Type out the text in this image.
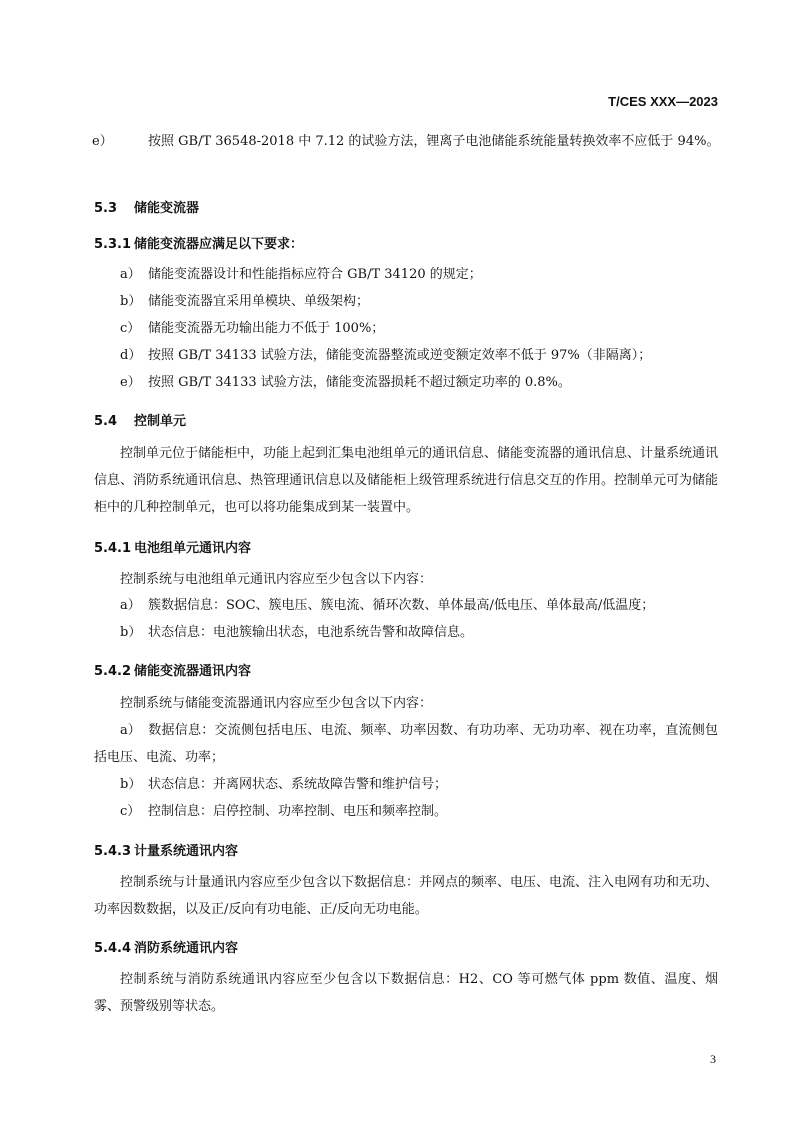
T/CES XXX—2023

e）	按照 GB/T 36548-2018 中 7.12 的试验方法，锂离子电池储能系统能量转换效率不应低于 94%。

5.3 储能变流器
5.3.1 储能变流器应满足以下要求：

a） 储能变流器设计和性能指标应符合 GB/T 34120 的规定；

b） 储能变流器宜采用单模块、单级架构；

c） 储能变流器无功输出能力不低于 100%；

d） 按照 GB/T 34133 试验方法，储能变流器整流或逆变额定效率不低于 97%（非隔离）；

e） 按照 GB/T 34133 试验方法，储能变流器损耗不超过额定功率的 0.8%。

5.4 控制单元

控制单元位于储能柜中，功能上起到汇集电池组单元的通讯信息、储能变流器的通讯信息、计量系统通讯信息、消防系统通讯信息、热管理通讯信息以及储能柜上级管理系统进行信息交互的作用。控制单元可为储能柜中的几种控制单元，也可以将功能集成到某一装置中。

5.4.1 电池组单元通讯内容

控制系统与电池组单元通讯内容应至少包含以下内容：

a） 簇数据信息：SOC、簇电压、簇电流、循环次数、单体最高/低电压、单体最高/低温度；

b） 状态信息：电池簇输出状态，电池系统告警和故障信息。

5.4.2 储能变流器通讯内容

控制系统与储能变流器通讯内容应至少包含以下内容：

a） 数据信息：交流侧包括电压、电流、频率、功率因数、有功功率、无功功率、视在功率，直流侧包括电压、电流、功率；

b） 状态信息：并离网状态、系统故障告警和维护信号；

c） 控制信息：启停控制、功率控制、电压和频率控制。

5.4.3 计量系统通讯内容

控制系统与计量通讯内容应至少包含以下数据信息：并网点的频率、电压、电流、注入电网有功和无功、功率因数数据，以及正/反向有功电能、正/反向无功电能。

5.4.4 消防系统通讯内容

控制系统与消防系统通讯内容应至少包含以下数据信息：H2、CO 等可燃气体 ppm 数值、温度、烟雾、预警级别等状态。

3
